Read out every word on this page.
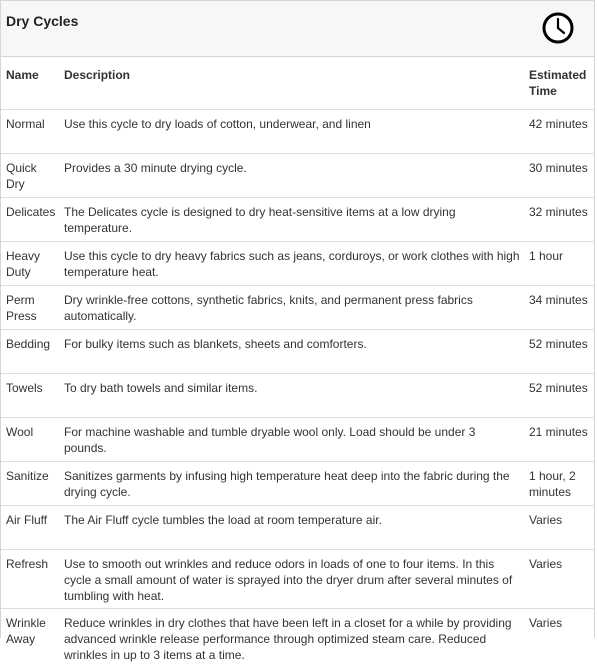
Dry Cycles
Name	Description	Estimated Time
Normal	Use this cycle to dry loads of cotton, underwear, and linen	42 minutes
Quick Dry	Provides a 30 minute drying cycle.	30 minutes
Delicates	The Delicates cycle is designed to dry heat-sensitive items at a low drying temperature.	32 minutes
Heavy Duty	Use this cycle to dry heavy fabrics such as jeans, corduroys, or work clothes with high temperature heat.	1 hour
Perm Press	Dry wrinkle-free cottons, synthetic fabrics, knits, and permanent press fabrics automatically.	34 minutes
Bedding	For bulky items such as blankets, sheets and comforters.	52 minutes
Towels	To dry bath towels and similar items.	52 minutes
Wool	For machine washable and tumble dryable wool only. Load should be under 3 pounds.	21 minutes
Sanitize	Sanitizes garments by infusing high temperature heat deep into the fabric during the drying cycle.	1 hour, 2 minutes
Air Fluff	The Air Fluff cycle tumbles the load at room temperature air.	Varies
Refresh	Use to smooth out wrinkles and reduce odors in loads of one to four items. In this cycle a small amount of water is sprayed into the dryer drum after several minutes of tumbling with heat.	Varies
Wrinkle Away	Reduce wrinkles in dry clothes that have been left in a closet for a while by providing advanced wrinkle release performance through optimized steam care. Reduced wrinkles in up to 3 items at a time.	Varies
